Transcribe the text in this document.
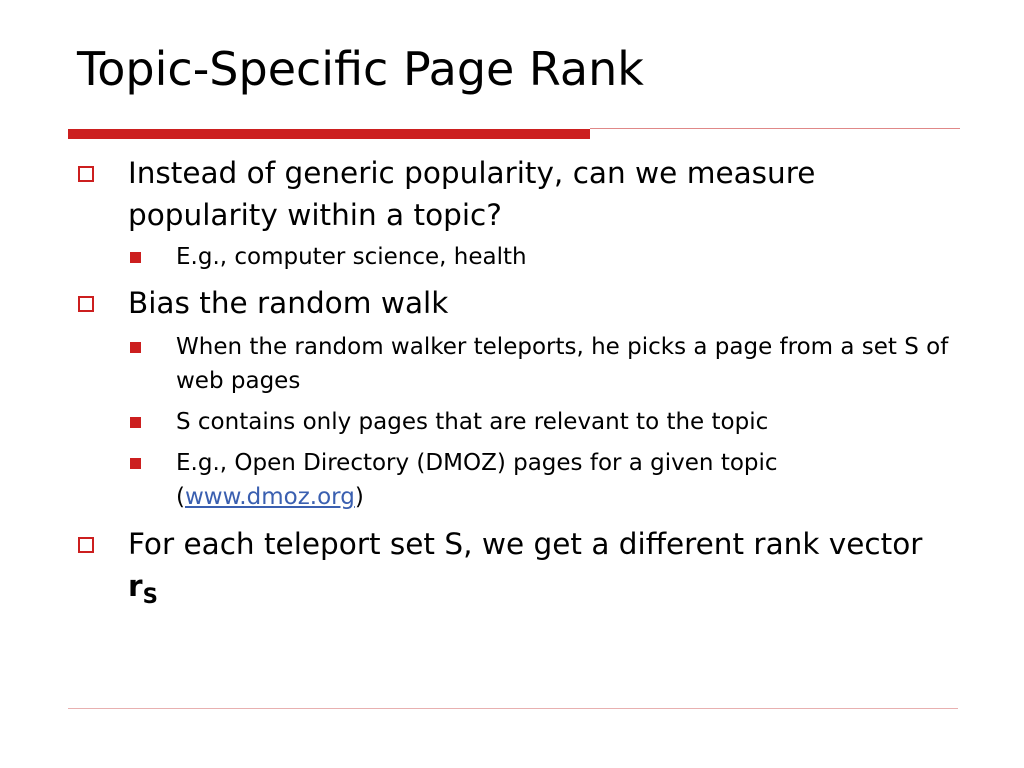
Topic-Specific Page Rank

Instead of generic popularity, can we measure popularity within a topic?

E.g., computer science, health

Bias the random walk

When the random walker teleports, he picks a page from a set S of web pages

S contains only pages that are relevant to the topic

E.g., Open Directory (DMOZ) pages for a given topic (www.dmoz.org)

For each teleport set S, we get a different rank vector $r_S$
